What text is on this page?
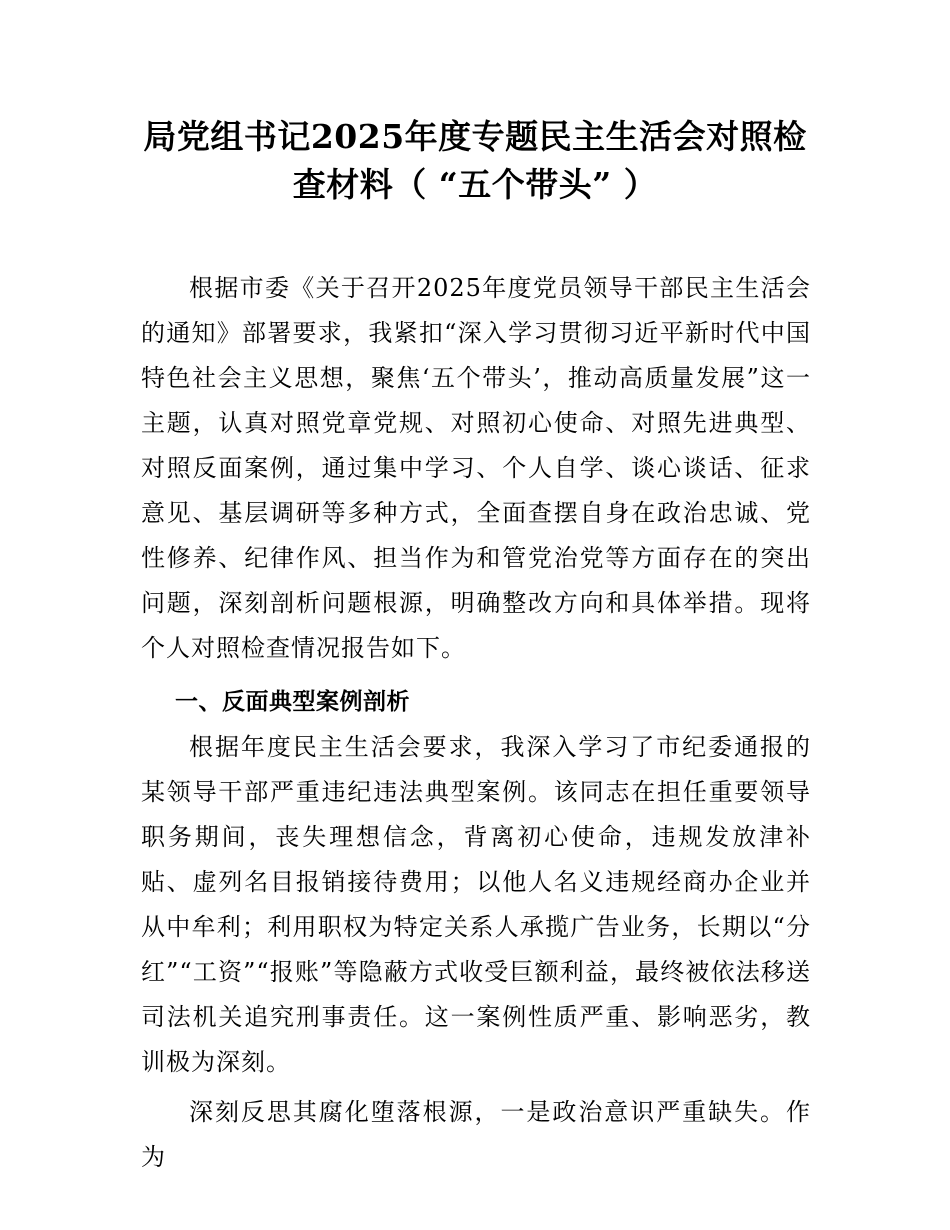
局党组书记2025年度专题民主生活会对照检
查材料（ “五个带头” ）

根据市委《关于召开2025年度党员领导干部民主生活会的通知》部署要求，我紧扣“深入学习贯彻习近平新时代中国特色社会主义思想，聚焦‘五个带头’，推动高质量发展”这一主题，认真对照党章党规、对照初心使命、对照先进典型、对照反面案例，通过集中学习、个人自学、谈心谈话、征求意见、基层调研等多种方式，全面查摆自身在政治忠诚、党性修养、纪律作风、担当作为和管党治党等方面存在的突出问题，深刻剖析问题根源，明确整改方向和具体举措。现将个人对照检查情况报告如下。

一、反面典型案例剖析

根据年度民主生活会要求，我深入学习了市纪委通报的某领导干部严重违纪违法典型案例。该同志在担任重要领导职务期间，丧失理想信念，背离初心使命，违规发放津补贴、虚列名目报销接待费用；以他人名义违规经商办企业并从中牟利；利用职权为特定关系人承揽广告业务，长期以“分红”“工资”“报账”等隐蔽方式收受巨额利益，最终被依法移送司法机关追究刑事责任。这一案例性质严重、影响恶劣，教训极为深刻。

深刻反思其腐化堕落根源，一是政治意识严重缺失。作为
